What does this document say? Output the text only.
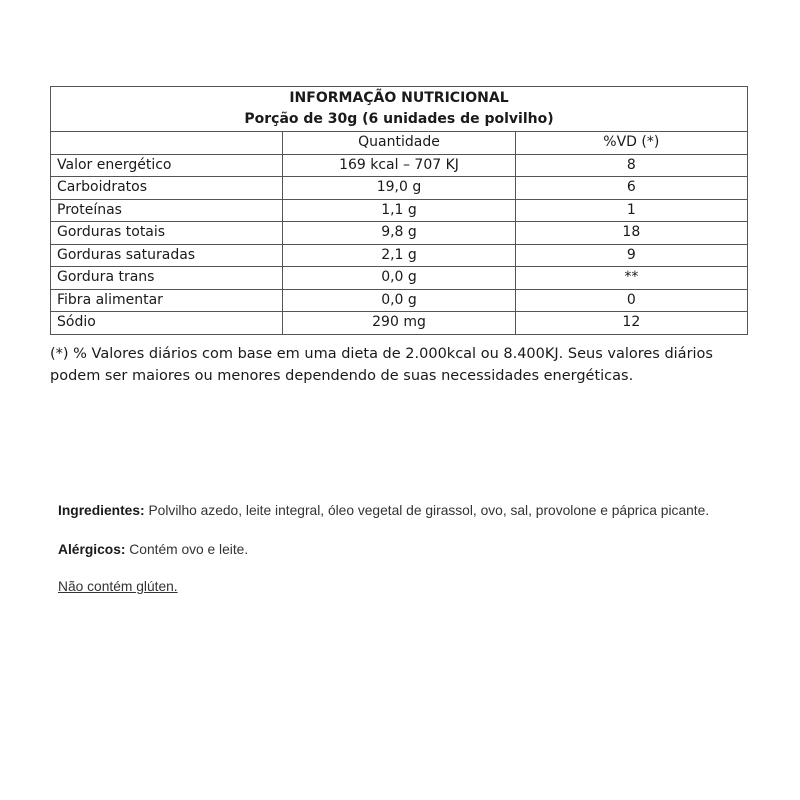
INFORMAÇÃO NUTRICIONAL
Porção de 30g (6 unidades de polvilho)		

	Quantidade	%VD (*)
Valor energético	169 kcal – 707 KJ	8
Carboidratos	19,0 g	6
Proteínas	1,1 g	1
Gorduras totais	9,8 g	18
Gorduras saturadas	2,1 g	9
Gordura trans	0,0 g	**
Fibra alimentar	0,0 g	0
Sódio	290 mg	12
(*) % Valores diários com base em uma dieta de 2.000kcal ou 8.400KJ. Seus valores diários podem ser maiores ou menores dependendo de suas necessidades energéticas.
Ingredientes: Polvilho azedo, leite integral, óleo vegetal de girassol, ovo, sal, provolone e páprica picante.
Alérgicos: Contém ovo e leite.
Não contém glúten.
